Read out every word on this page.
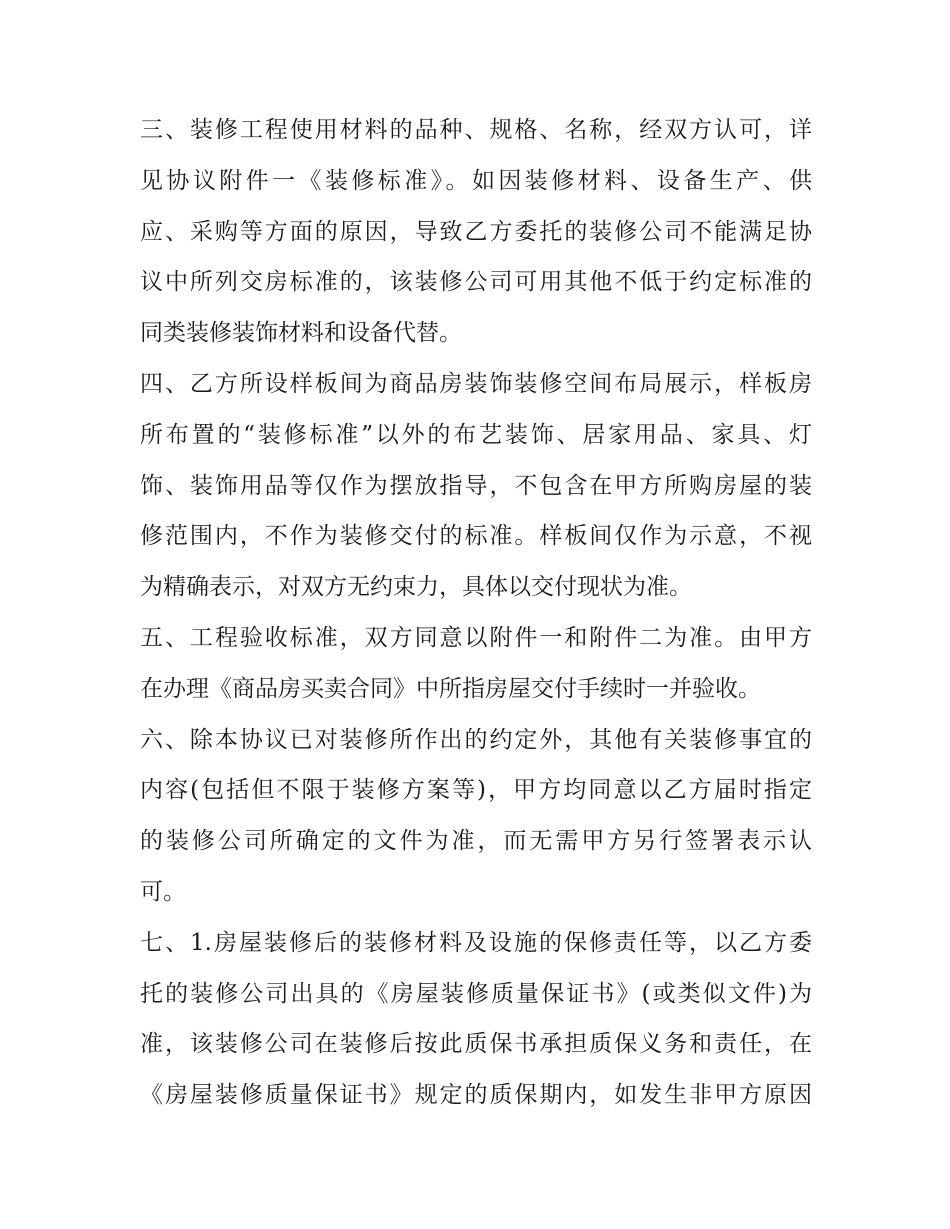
三、装修工程使用材料的品种、规格、名称，经双方认可，详
见协议附件一《装修标准》。如因装修材料、设备生产、供
应、采购等方面的原因，导致乙方委托的装修公司不能满足协
议中所列交房标准的，该装修公司可用其他不低于约定标准的
同类装修装饰材料和设备代替。
四、乙方所设样板间为商品房装饰装修空间布局展示，样板房
所布置的“装修标准”以外的布艺装饰、居家用品、家具、灯
饰、装饰用品等仅作为摆放指导，不包含在甲方所购房屋的装
修范围内，不作为装修交付的标准。样板间仅作为示意，不视
为精确表示，对双方无约束力，具体以交付现状为准。
五、工程验收标准，双方同意以附件一和附件二为准。由甲方
在办理《商品房买卖合同》中所指房屋交付手续时一并验收。
六、除本协议已对装修所作出的约定外，其他有关装修事宜的
内容(包括但不限于装修方案等)，甲方均同意以乙方届时指定
的装修公司所确定的文件为准，而无需甲方另行签署表示认
可。
七、1.房屋装修后的装修材料及设施的保修责任等，以乙方委
托的装修公司出具的《房屋装修质量保证书》(或类似文件)为
准，该装修公司在装修后按此质保书承担质保义务和责任，在
《房屋装修质量保证书》规定的质保期内，如发生非甲方原因
